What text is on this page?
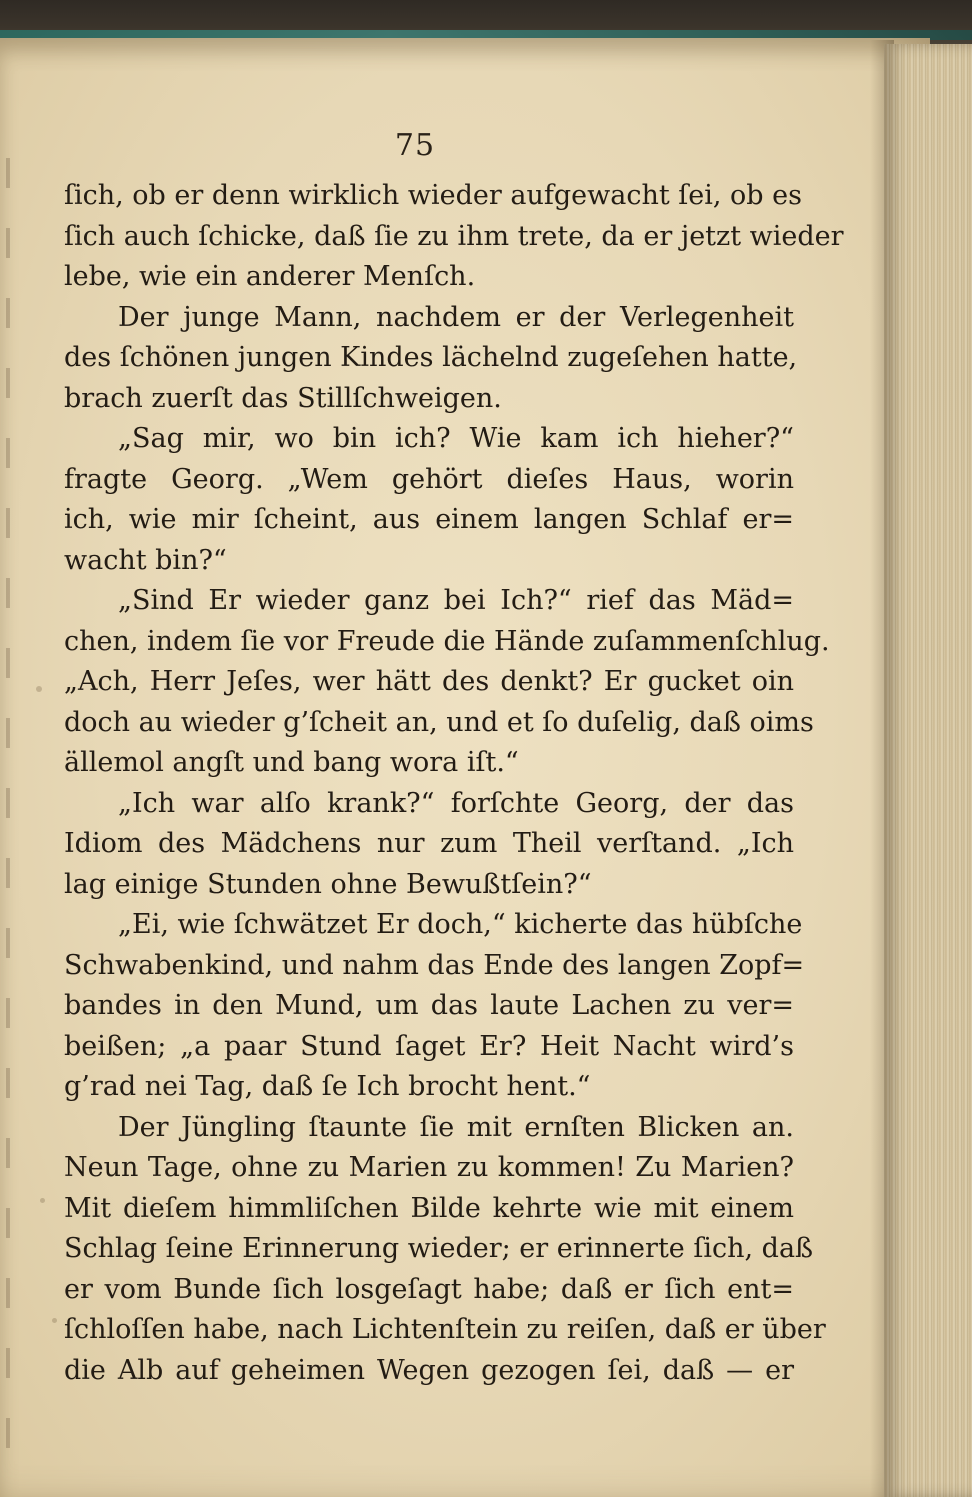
75
ſich, ob er denn wirklich wieder aufgewacht ſei, ob es
ſich auch ſchicke, daß ſie zu ihm trete, da er jetzt wieder
lebe, wie ein anderer Menſch.
Der junge Mann, nachdem er der Verlegenheit
des ſchönen jungen Kindes lächelnd zugeſehen hatte,
brach zuerſt das Stillſchweigen.
„Sag mir, wo bin ich? Wie kam ich hieher?“
fragte Georg. „Wem gehört dieſes Haus, worin
ich, wie mir ſcheint, aus einem langen Schlaf er=
wacht bin?“
„Sind Er wieder ganz bei Ich?“ rief das Mäd=
chen, indem ſie vor Freude die Hände zuſammenſchlug.
„Ach, Herr Jeſes, wer hätt des denkt? Er gucket oin
doch au wieder g’ſcheit an, und et ſo duſelig, daß oims
ällemol angſt und bang wora iſt.“
„Ich war alſo krank?“ forſchte Georg, der das
Idiom des Mädchens nur zum Theil verſtand. „Ich
lag einige Stunden ohne Bewußtſein?“
„Ei, wie ſchwätzet Er doch,“ kicherte das hübſche
Schwabenkind, und nahm das Ende des langen Zopf=
bandes in den Mund, um das laute Lachen zu ver=
beißen; „a paar Stund ſaget Er? Heit Nacht wird’s
g’rad nei Tag, daß ſe Ich brocht hent.“
Der Jüngling ſtaunte ſie mit ernſten Blicken an.
Neun Tage, ohne zu Marien zu kommen! Zu Marien?
Mit dieſem himmliſchen Bilde kehrte wie mit einem
Schlag ſeine Erinnerung wieder; er erinnerte ſich, daß
er vom Bunde ſich losgeſagt habe; daß er ſich ent=
ſchloſſen habe, nach Lichtenſtein zu reiſen, daß er über
die Alb auf geheimen Wegen gezogen ſei, daß — er
